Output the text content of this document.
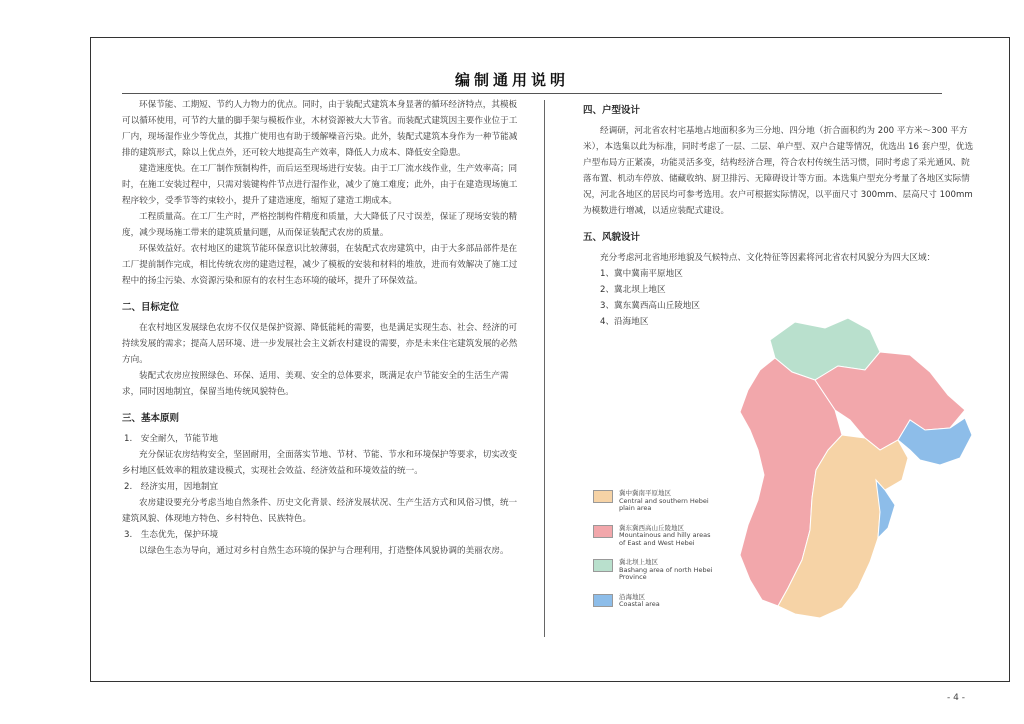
编制通用说明

环保节能、工期短、节约人力物力的优点。同时，由于装配式建筑本身显著的循环经济特点，其模板可以循环使用，可节约大量的脚手架与模板作业，木材资源被大大节省。而装配式建筑因主要作业位于工厂内，现场湿作业少等优点，其推广使用也有助于缓解噪音污染。此外，装配式建筑本身作为一种节能减排的建筑形式，除以上优点外，还可较大地提高生产效率，降低人力成本、降低安全隐患。

建造速度快。在工厂制作预制构件，而后运至现场进行安装。由于工厂流水线作业，生产效率高；同时，在施工安装过程中，只需对装键构件节点进行湿作业，减少了施工难度；此外，由于在建造现场施工程序较少，受季节等约束较小，提升了建造速度，缩短了建造工期成本。

工程质量高。在工厂生产时，严格控制构件精度和质量，大大降低了尺寸误差，保证了现场安装的精度，减少现场施工带来的建筑质量问题，从而保证装配式农房的质量。

环保效益好。农村地区的建筑节能环保意识比较薄弱，在装配式农房建筑中，由于大多部品部件是在工厂提前制作完成，相比传统农房的建造过程，减少了模板的安装和材料的堆放，进而有效解决了施工过程中的扬尘污染、水资源污染和原有的农村生态环境的破坏，提升了环保效益。

二、目标定位

在农村地区发展绿色农房不仅仅是保护资源、降低能耗的需要，也是满足实现生态、社会、经济的可持续发展的需求；提高人居环境、进一步发展社会主义新农村建设的需要，亦是未来住宅建筑发展的必然方向。

装配式农房应按照绿色、环保、适用、美观、安全的总体要求，既满足农户节能安全的生活生产需求，同时因地制宜，保留当地传统风貌特色。

三、基本原则

1.　安全耐久，节能节地

充分保证农房结构安全，坚固耐用，全面落实节地、节材、节能、节水和环境保护等要求，切实改变乡村地区低效率的粗放建设模式，实现社会效益、经济效益和环境效益的统一。

2.　经济实用，因地制宜

农房建设要充分考虑当地自然条件、历史文化背景、经济发展状况、生产生活方式和风俗习惯，统一建筑风貌、体现地方特色、乡村特色、民族特色。

3.　生态优先，保护环境

以绿色生态为导向，通过对乡村自然生态环境的保护与合理利用，打造整体风貌协调的美丽农房。

四、户型设计

经调研，河北省农村宅基地占地面积多为三分地、四分地（折合面积约为 200 平方米～300 平方米），本选集以此为标准，同时考虑了一层、二层、单户型、双户合建等情况，优选出 16 套户型，优选户型布局方正紧凑，功能灵活多变，结构经济合理，符合农村传统生活习惯，同时考虑了采光通风、院落布置、机动车停放、储藏收纳、厨卫排污、无障碍设计等方面。本选集户型充分考量了各地区实际情况，河北各地区的居民均可参考选用。农户可根据实际情况，以平面尺寸 300mm、层高尺寸 100mm 为模数进行增减，以适应装配式建设。

五、风貌设计

充分考虑河北省地形地貌及气候特点、文化特征等因素将河北省农村风貌分为四大区域：

1、冀中冀南平原地区

2、冀北坝上地区

3、冀东冀西高山丘陵地区

4、沿海地区

冀中冀南平原地区
Central and southern Hebei plain area
冀东冀西高山丘陵地区
Mountainous and hilly areas of East and West Hebei
冀北坝上地区
Bashang area of north Hebei Province
沿海地区
Coastal area
- 4 -
